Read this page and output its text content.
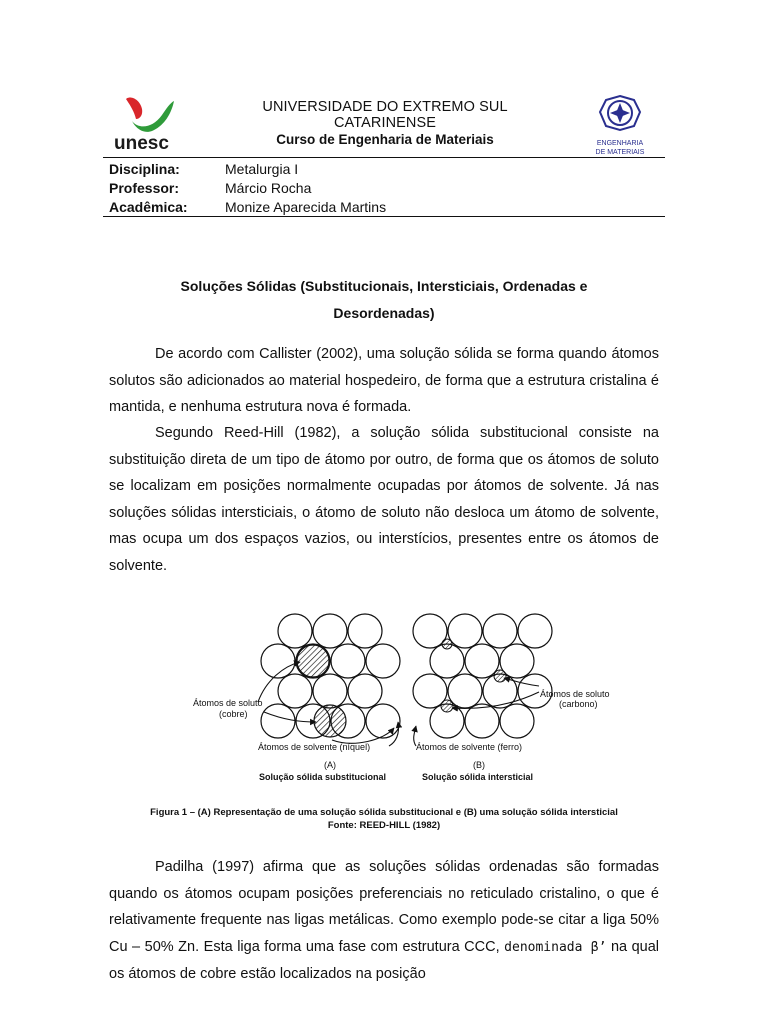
unesc
UNIVERSIDADE DO EXTREMO SUL CATARINENSE
Curso de Engenharia de Materiais	ENGENHARIA
DE MATERIAIS
Disciplina:	Metalurgia I
Professor:	Márcio Rocha
Acadêmica:	Monize Aparecida Martins
Soluções Sólidas (Substitucionais, Intersticiais, Ordenadas e
Desordenadas)

De acordo com Callister (2002), uma solução sólida se forma quando átomos solutos são adicionados ao material hospedeiro, de forma que a estrutura cristalina é mantida, e nenhuma estrutura nova é formada.

Segundo Reed-Hill (1982), a solução sólida substitucional consiste na substituição direta de um tipo de átomo por outro, de forma que os átomos de soluto se localizam em posições normalmente ocupadas por átomos de solvente. Já nas soluções sólidas intersticiais, o átomo de soluto não desloca um átomo de solvente, mas ocupa um dos espaços vazios, ou interstícios, presentes entre os átomos de solvente.

Átomos de soluto
(cobre)
Átomos de solvente (níquel)
(A)
Solução sólida substitucional
Átomos de soluto
(carbono)
Átomos de solvente (ferro)
(B)
Solução sólida intersticial
Figura 1 – (A) Representação de uma solução sólida substitucional e (B) uma solução sólida intersticial
Fonte: REED-HILL (1982)

Padilha (1997) afirma que as soluções sólidas ordenadas são formadas quando os átomos ocupam posições preferenciais no reticulado cristalino, o que é relativamente frequente nas ligas metálicas. Como exemplo pode-se citar a liga 50% Cu – 50% Zn. Esta liga forma uma fase com estrutura CCC, denominada β’ na qual os átomos de cobre estão localizados na posição
